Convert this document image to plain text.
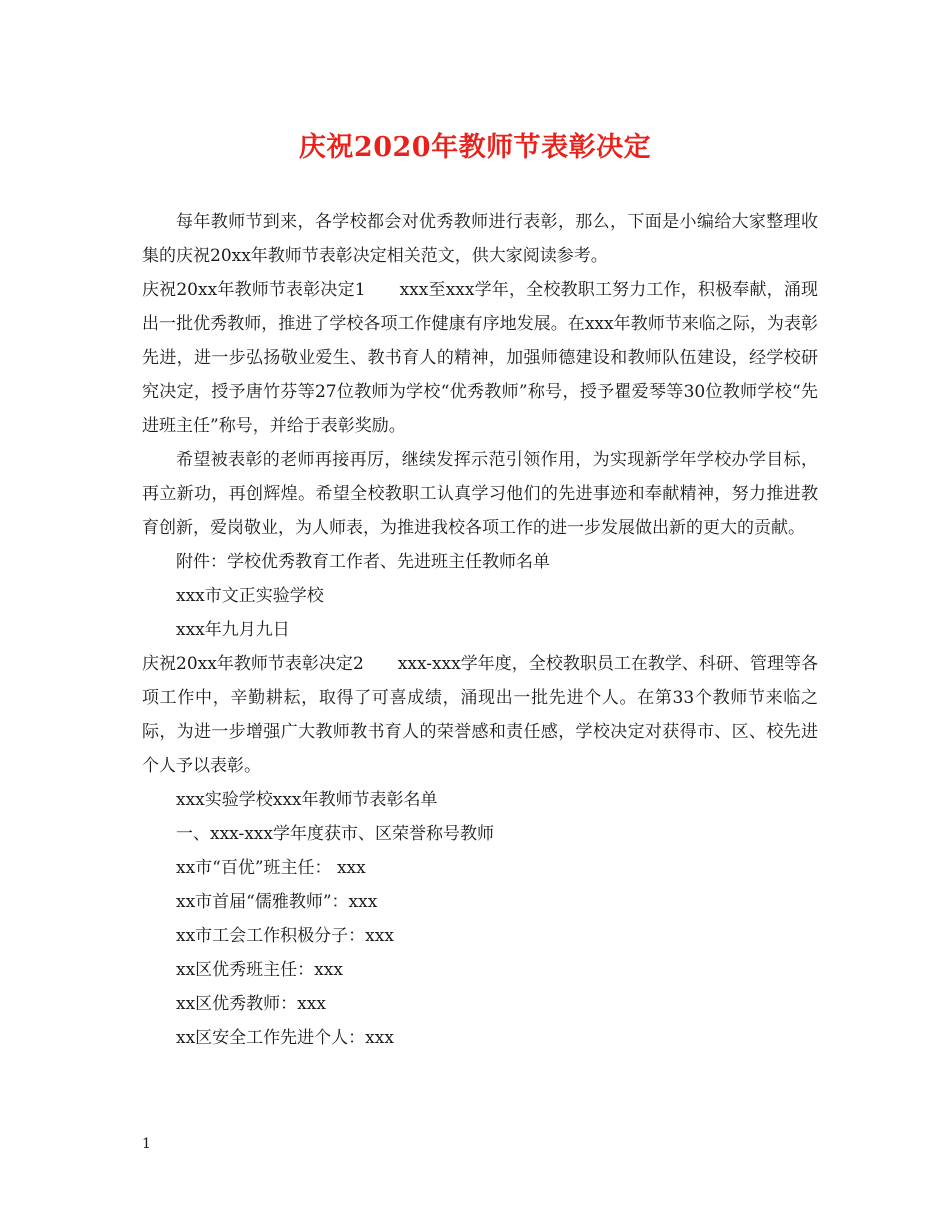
庆祝2020年教师节表彰决定

每年教师节到来，各学校都会对优秀教师进行表彰，那么，下面是小编给大家整理收集的庆祝20xx年教师节表彰决定相关范文，供大家阅读参考。

庆祝20xx年教师节表彰决定1 xxx至xxx学年，全校教职工努力工作，积极奉献，涌现出一批优秀教师，推进了学校各项工作健康有序地发展。在xxx年教师节来临之际，为表彰先进，进一步弘扬敬业爱生、教书育人的精神，加强师德建设和教师队伍建设，经学校研究决定，授予唐竹芬等27位教师为学校“优秀教师”称号，授予瞿爱琴等30位教师学校“先进班主任”称号，并给于表彰奖励。

希望被表彰的老师再接再厉，继续发挥示范引领作用，为实现新学年学校办学目标，再立新功，再创辉煌。希望全校教职工认真学习他们的先进事迹和奉献精神，努力推进教育创新，爱岗敬业，为人师表，为推进我校各项工作的进一步发展做出新的更大的贡献。

附件：学校优秀教育工作者、先进班主任教师名单

xxx市文正实验学校

xxx年九月九日

庆祝20xx年教师节表彰决定2 xxx-xxx学年度，全校教职员工在教学、科研、管理等各项工作中，辛勤耕耘，取得了可喜成绩，涌现出一批先进个人。在第33个教师节来临之际，为进一步增强广大教师教书育人的荣誉感和责任感，学校决定对获得市、区、校先进个人予以表彰。

xxx实验学校xxx年教师节表彰名单

一、xxx-xxx学年度获市、区荣誉称号教师

xx市“百优”班主任： xxx

xx市首届“儒雅教师”：xxx

xx市工会工作积极分子：xxx

xx区优秀班主任：xxx

xx区优秀教师：xxx

xx区安全工作先进个人：xxx

1
